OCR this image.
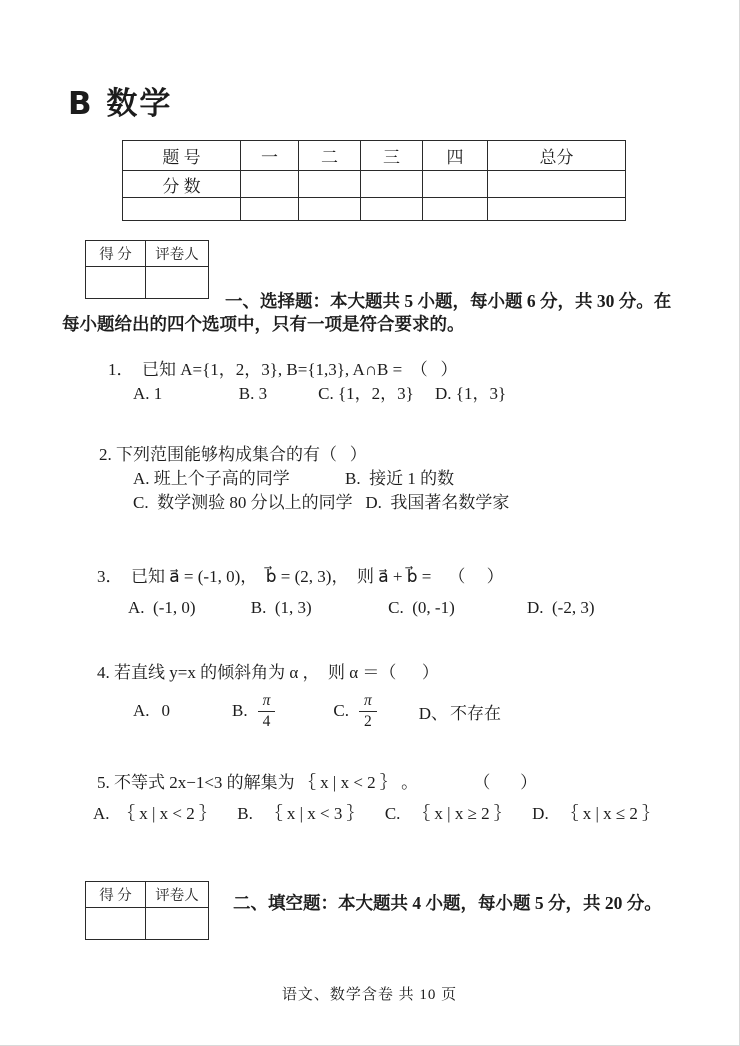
B 数学
题 号	一	二	三	四	总分
分 数					

得 分	评卷人

一、选择题：本大题共 5 小题，每小题 6 分，共 30 分。在
每小题给出的四个选项中，只有一项是符合要求的。
1．  已知 A={1，2，3}, B={1,3}, A∩B =  （   ）
A. 1                  B. 3            C. {1，2，3}     D. {1，3}
2. 下列范围能够构成集合的有（   ）
A. 班上个子高的同学             B.  接近 1 的数
C.  数学测验 80 分以上的同学   D.  我国著名数学家
3．  已知 a⃗ = (-1, 0)，  b⃗ = (2, 3)，  则 a⃗ + b⃗ =    （     ）
A.  (-1, 0)             B.  (1, 3)                  C.  (0, -1)                 D.  (-2, 3)
4. 若直线 y=x 的倾斜角为 α ，  则 α ＝（      ）
A. 0	B. $\frac{\pi}{4}$	C. $\frac{\pi}{2}$ D、 不存在
5. 不等式 2x−1<3 的解集为 ｛ x | x < 2 ｝ 。             （       ）
A.  ｛ x | x < 2 ｝     B.   ｛ x | x < 3 ｝     C.   ｛ x | x ≥ 2 ｝     D.   ｛ x | x ≤ 2 ｝
得 分	评卷人
	二、填空题：本大题共 4 小题，每小题 5 分，共 20 分。
语文、数学含卷 共 10 页
